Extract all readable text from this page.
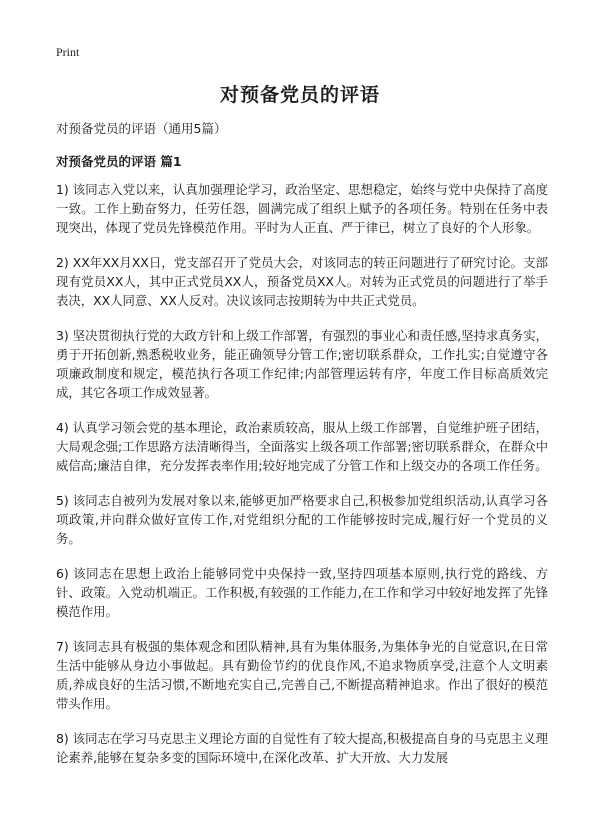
Print
对预备党员的评语
对预备党员的评语（通用5篇）
对预备党员的评语 篇1

1) 该同志入党以来，认真加强理论学习，政治坚定、思想稳定，始终与党中央保持了高度一致。工作上勤奋努力，任劳任怨，圆满完成了组织上赋予的各项任务。特别在任务中表现突出，体现了党员先锋模范作用。平时为人正直、严于律已，树立了良好的个人形象。

2) XX年XX月XX日，党支部召开了党员大会，对该同志的转正问题进行了研究讨论。支部现有党员XX人，其中正式党员XX人，预备党员XX人。对转为正式党员的问题进行了举手表决，XX人同意、XX人反对。决议该同志按期转为中共正式党员。

3) 坚决贯彻执行党的大政方针和上级工作部署，有强烈的事业心和责任感,坚持求真务实，勇于开拓创新,熟悉税收业务，能正确领导分管工作;密切联系群众，工作扎实;自觉遵守各项廉政制度和规定，模范执行各项工作纪律;内部管理运转有序，年度工作目标高质效完成，其它各项工作成效显著。

4) 认真学习领会党的基本理论，政治素质较高，服从上级工作部署，自觉维护班子团结，大局观念强;工作思路方法清晰得当，全面落实上级各项工作部署;密切联系群众，在群众中威信高;廉洁自律，充分发挥表率作用;较好地完成了分管工作和上级交办的各项工作任务。

5) 该同志自被列为发展对象以来,能够更加严格要求自己,积极参加党组织活动,认真学习各项政策,并向群众做好宣传工作,对党组织分配的工作能够按时完成,履行好一个党员的义务。

6) 该同志在思想上政治上能够同党中央保持一致,坚持四项基本原则,执行党的路线、方针、政策。入党动机端正。工作积极,有较强的工作能力,在工作和学习中较好地发挥了先锋模范作用。

7) 该同志具有极强的集体观念和团队精神,具有为集体服务,为集体争光的自觉意识,在日常生活中能够从身边小事做起。具有勤俭节约的优良作风,不追求物质享受,注意个人文明素质,养成良好的生活习惯,不断地充实自己,完善自己,不断提高精神追求。作出了很好的模范带头作用。

8) 该同志在学习马克思主义理论方面的自觉性有了较大提高,积极提高自身的马克思主义理论素养,能够在复杂多变的国际环境中,在深化改革、扩大开放、大力发展
